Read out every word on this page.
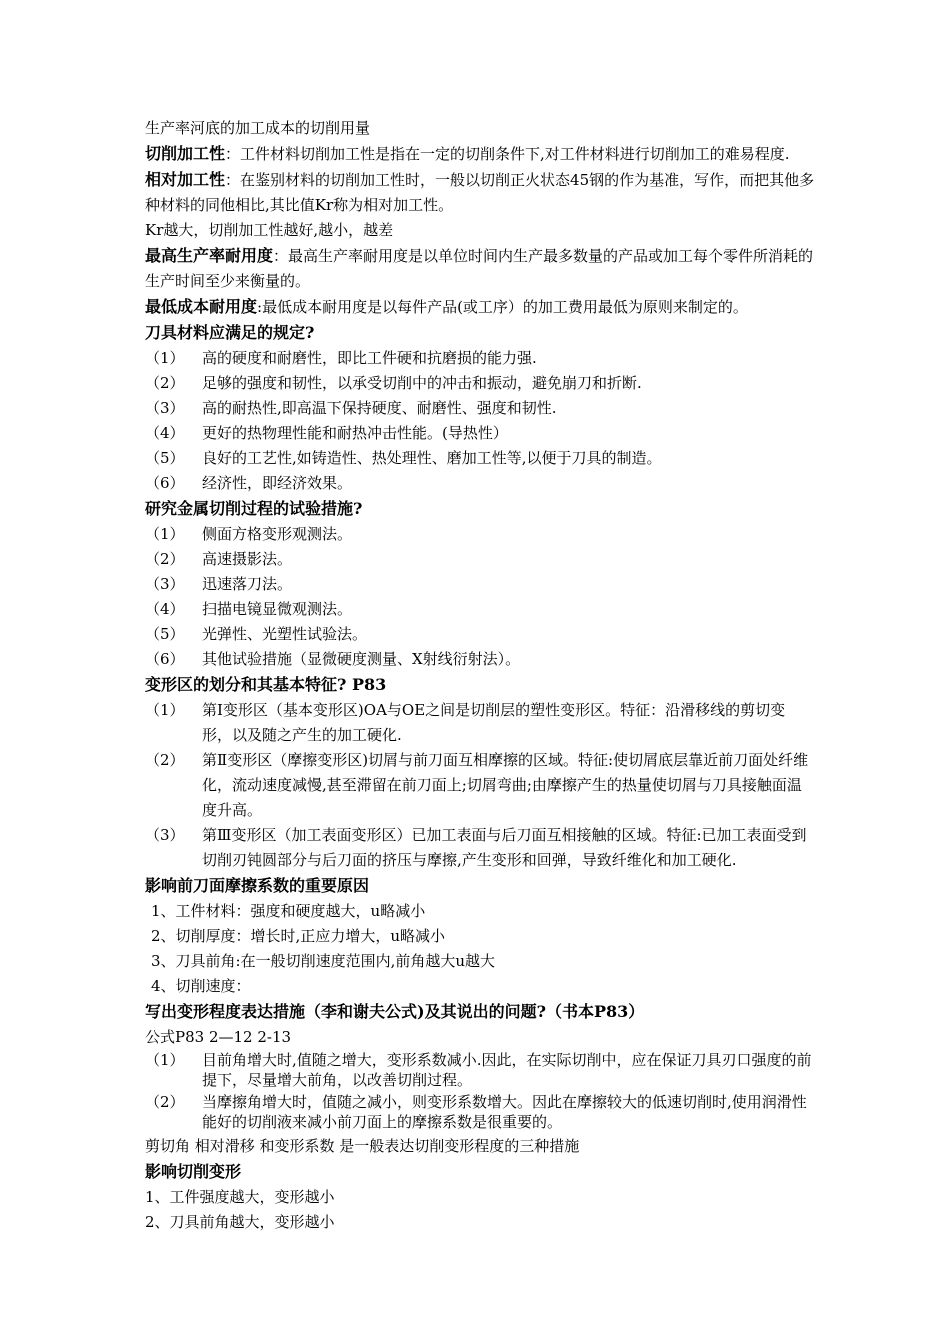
生产率河底的加工成本的切削用量
切削加工性：工件材料切削加工性是指在一定的切削条件下,对工件材料进行切削加工的难易程度.
相对加工性：在鉴别材料的切削加工性时，一般以切削正火状态45钢的作为基准，写作，而把其他多种材料的同他相比,其比值Kr称为相对加工性。
Kr越大，切削加工性越好,越小，越差
最高生产率耐用度：最高生产率耐用度是以单位时间内生产最多数量的产品或加工每个零件所消耗的生产时间至少来衡量的。
最低成本耐用度:最低成本耐用度是以每件产品(或工序）的加工费用最低为原则来制定的。
刀具材料应满足的规定?
（1）	高的硬度和耐磨性，即比工件硬和抗磨损的能力强.
（2）	足够的强度和韧性，以承受切削中的冲击和振动，避免崩刀和折断.
（3）	高的耐热性,即高温下保持硬度、耐磨性、强度和韧性.
（4）	更好的热物理性能和耐热冲击性能。(导热性）
（5）	良好的工艺性,如铸造性、热处理性、磨加工性等,以便于刀具的制造。
（6）	经济性，即经济效果。
研究金属切削过程的试验措施?
（1）	侧面方格变形观测法。
（2）	高速摄影法。
（3）	迅速落刀法。
（4）	扫描电镜显微观测法。
（5）	光弹性、光塑性试验法。
（6）	其他试验措施（显微硬度测量、X射线衍射法）。
变形区的划分和其基本特征? P83
（1）	第Ⅰ变形区（基本变形区)OA与OE之间是切削层的塑性变形区。特征：沿滑移线的剪切变形，以及随之产生的加工硬化.
（2）	第Ⅱ变形区（摩擦变形区)切屑与前刀面互相摩擦的区域。特征:使切屑底层靠近前刀面处纤维化，流动速度减慢,甚至滞留在前刀面上;切屑弯曲;由摩擦产生的热量使切屑与刀具接触面温度升高。
（3）	第Ⅲ变形区（加工表面变形区）已加工表面与后刀面互相接触的区域。特征:已加工表面受到切削刃钝圆部分与后刀面的挤压与摩擦,产生变形和回弹，导致纤维化和加工硬化.
影响前刀面摩擦系数的重要原因
1、工件材料：强度和硬度越大，u略减小
2、切削厚度：增长时,正应力增大，u略减小
3、刀具前角:在一般切削速度范围内,前角越大u越大
4、切削速度：
写出变形程度表达措施（李和谢夫公式)及其说出的问题?（书本P83）
公式P83 2—12 2-13
（1）	目前角增大时,值随之增大，变形系数减小.因此，在实际切削中，应在保证刀具刃口强度的前提下，尽量增大前角，以改善切削过程。
（2）	当摩擦角增大时，值随之减小，则变形系数增大。因此在摩擦较大的低速切削时,使用润滑性能好的切削液来减小前刀面上的摩擦系数是很重要的。
剪切角 相对滑移 和变形系数 是一般表达切削变形程度的三种措施
影响切削变形
1、工件强度越大，变形越小
2、刀具前角越大，变形越小
